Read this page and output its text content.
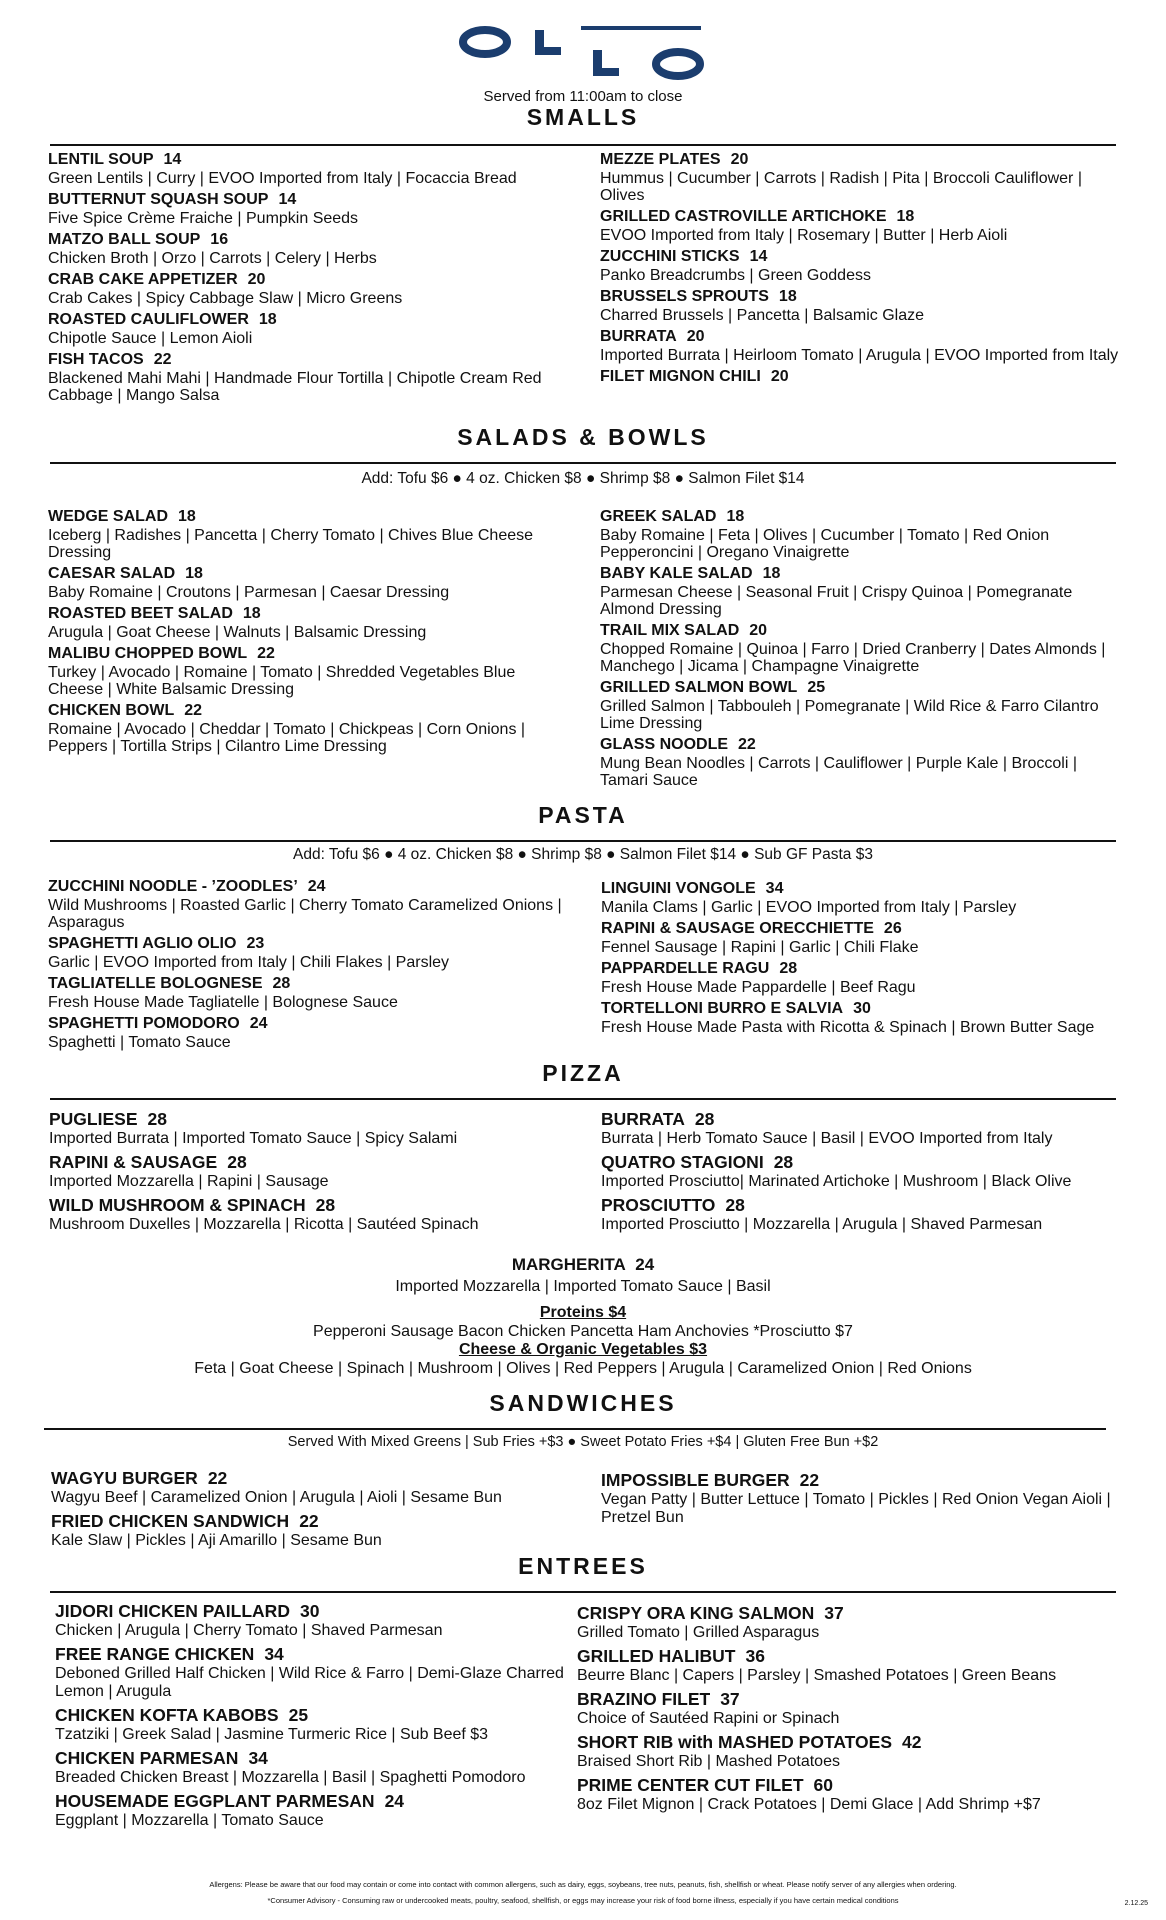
Served from 11:00am to close
SMALLS
LENTIL SOUP 14
Green Lentils | Curry | EVOO Imported from Italy | Focaccia Bread
BUTTERNUT SQUASH SOUP 14
Five Spice Crème Fraiche | Pumpkin Seeds
MATZO BALL SOUP 16
Chicken Broth | Orzo | Carrots | Celery | Herbs
CRAB CAKE APPETIZER 20
Crab Cakes | Spicy Cabbage Slaw | Micro Greens
ROASTED CAULIFLOWER 18
Chipotle Sauce | Lemon Aioli
FISH TACOS 22
Blackened Mahi Mahi | Handmade Flour Tortilla | Chipotle Cream Red Cabbage | Mango Salsa
MEZZE PLATES 20
Hummus | Cucumber | Carrots | Radish | Pita | Broccoli Cauliflower | Olives
GRILLED CASTROVILLE ARTICHOKE 18
EVOO Imported from Italy | Rosemary | Butter | Herb Aioli
ZUCCHINI STICKS 14
Panko Breadcrumbs | Green Goddess
BRUSSELS SPROUTS 18
Charred Brussels | Pancetta | Balsamic Glaze
BURRATA 20
Imported Burrata | Heirloom Tomato | Arugula | EVOO Imported from Italy
FILET MIGNON CHILI 20
SALADS & BOWLS
Add: Tofu $6 ● 4 oz. Chicken $8 ● Shrimp $8 ● Salmon Filet $14
WEDGE SALAD 18
Iceberg | Radishes | Pancetta | Cherry Tomato | Chives Blue Cheese Dressing
CAESAR SALAD 18
Baby Romaine | Croutons | Parmesan | Caesar Dressing
ROASTED BEET SALAD 18
Arugula | Goat Cheese | Walnuts | Balsamic Dressing
MALIBU CHOPPED BOWL 22
Turkey | Avocado | Romaine | Tomato | Shredded Vegetables Blue Cheese | White Balsamic Dressing
CHICKEN BOWL 22
Romaine | Avocado | Cheddar | Tomato | Chickpeas | Corn Onions | Peppers | Tortilla Strips | Cilantro Lime Dressing
GREEK SALAD 18
Baby Romaine | Feta | Olives | Cucumber | Tomato | Red Onion Pepperoncini | Oregano Vinaigrette
BABY KALE SALAD 18
Parmesan Cheese | Seasonal Fruit | Crispy Quinoa | Pomegranate Almond Dressing
TRAIL MIX SALAD 20
Chopped Romaine | Quinoa | Farro | Dried Cranberry | Dates Almonds | Manchego | Jicama | Champagne Vinaigrette
GRILLED SALMON BOWL 25
Grilled Salmon | Tabbouleh | Pomegranate | Wild Rice & Farro Cilantro Lime Dressing
GLASS NOODLE 22
Mung Bean Noodles | Carrots | Cauliflower | Purple Kale | Broccoli | Tamari Sauce
PASTA
Add: Tofu $6 ● 4 oz. Chicken $8 ● Shrimp $8 ● Salmon Filet $14 ● Sub GF Pasta $3
ZUCCHINI NOODLE - ’ZOODLES’ 24
Wild Mushrooms | Roasted Garlic | Cherry Tomato Caramelized Onions | Asparagus
SPAGHETTI AGLIO OLIO 23
Garlic | EVOO Imported from Italy | Chili Flakes | Parsley
TAGLIATELLE BOLOGNESE 28
Fresh House Made Tagliatelle | Bolognese Sauce
SPAGHETTI POMODORO 24
Spaghetti | Tomato Sauce
LINGUINI VONGOLE 34
Manila Clams | Garlic | EVOO Imported from Italy | Parsley
RAPINI & SAUSAGE ORECCHIETTE 26
Fennel Sausage | Rapini | Garlic | Chili Flake
PAPPARDELLE RAGU 28
Fresh House Made Pappardelle | Beef Ragu
TORTELLONI BURRO E SALVIA 30
Fresh House Made Pasta with Ricotta & Spinach | Brown Butter Sage
PIZZA
PUGLIESE 28
Imported Burrata | Imported Tomato Sauce | Spicy Salami
RAPINI & SAUSAGE 28
Imported Mozzarella | Rapini | Sausage
WILD MUSHROOM & SPINACH 28
Mushroom Duxelles | Mozzarella | Ricotta | Sautéed Spinach
BURRATA 28
Burrata | Herb Tomato Sauce | Basil | EVOO Imported from Italy
QUATRO STAGIONI 28
Imported Prosciutto| Marinated Artichoke | Mushroom | Black Olive
PROSCIUTTO 28
Imported Prosciutto | Mozzarella | Arugula | Shaved Parmesan
MARGHERITA 24
Imported Mozzarella | Imported Tomato Sauce | Basil
Proteins $4
Pepperoni Sausage Bacon Chicken Pancetta Ham Anchovies *Prosciutto $7
Cheese & Organic Vegetables $3
Feta | Goat Cheese | Spinach | Mushroom | Olives | Red Peppers | Arugula | Caramelized Onion | Red Onions
SANDWICHES
Served With Mixed Greens | Sub Fries +$3 ● Sweet Potato Fries +$4 | Gluten Free Bun +$2
WAGYU BURGER 22
Wagyu Beef | Caramelized Onion | Arugula | Aioli | Sesame Bun
FRIED CHICKEN SANDWICH 22
Kale Slaw | Pickles | Aji Amarillo | Sesame Bun
IMPOSSIBLE BURGER 22
Vegan Patty | Butter Lettuce | Tomato | Pickles | Red Onion Vegan Aioli | Pretzel Bun
ENTREES
JIDORI CHICKEN PAILLARD 30
Chicken | Arugula | Cherry Tomato | Shaved Parmesan
FREE RANGE CHICKEN 34
Deboned Grilled Half Chicken | Wild Rice & Farro | Demi-Glaze Charred Lemon | Arugula
CHICKEN KOFTA KABOBS 25
Tzatziki | Greek Salad | Jasmine Turmeric Rice | Sub Beef $3
CHICKEN PARMESAN 34
Breaded Chicken Breast | Mozzarella | Basil | Spaghetti Pomodoro
HOUSEMADE EGGPLANT PARMESAN 24
Eggplant | Mozzarella | Tomato Sauce
CRISPY ORA KING SALMON 37
Grilled Tomato | Grilled Asparagus
GRILLED HALIBUT 36
Beurre Blanc | Capers | Parsley | Smashed Potatoes | Green Beans
BRAZINO FILET 37
Choice of Sautéed Rapini or Spinach
SHORT RIB with MASHED POTATOES 42
Braised Short Rib | Mashed Potatoes
PRIME CENTER CUT FILET 60
8oz Filet Mignon | Crack Potatoes | Demi Glace | Add Shrimp +$7
Allergens: Please be aware that our food may contain or come into contact with common allergens, such as dairy, eggs, soybeans, tree nuts, peanuts, fish, shellfish or wheat. Please notify server of any allergies when ordering.
*Consumer Advisory - Consuming raw or undercooked meats, poultry, seafood, shellfish, or eggs may increase your risk of food borne illness, especially if you have certain medical conditions	2.12.25
